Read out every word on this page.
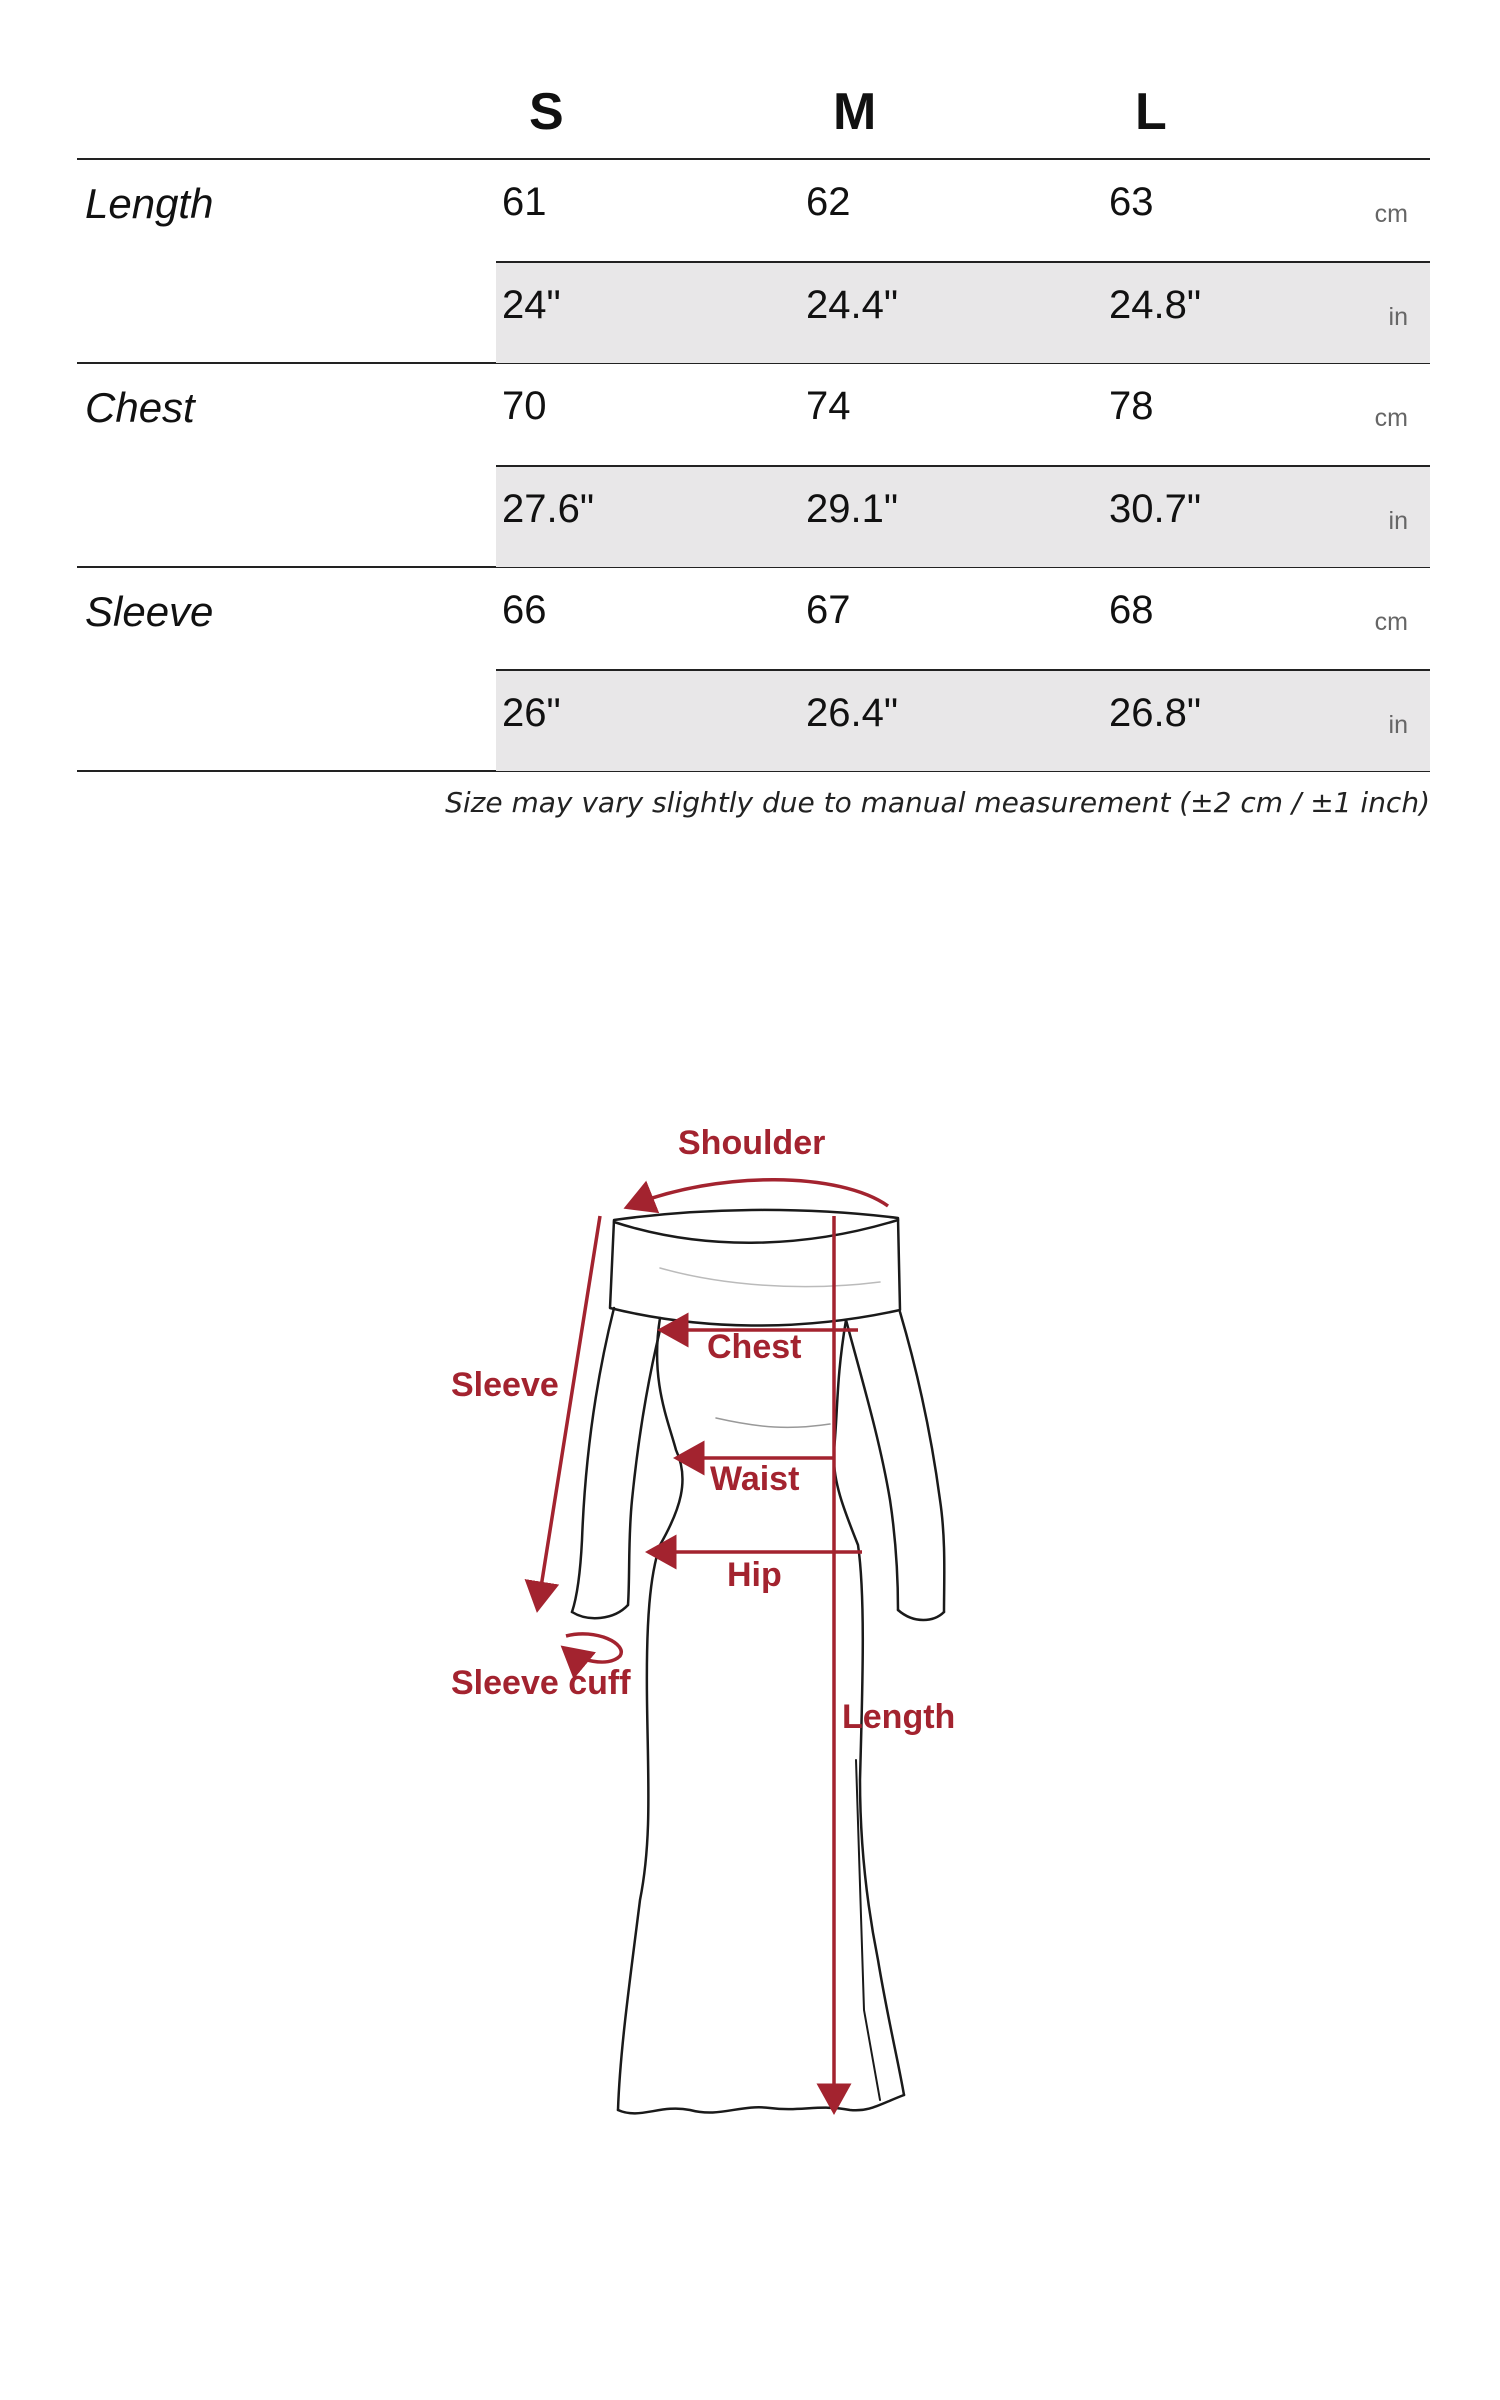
S	M	L
Length	61	62	63	cm
24"	24.4"	24.8"	in
Chest	70	74	78	cm
27.6"	29.1"	30.7"	in
Sleeve	66	67	68	cm
26"	26.4"	26.8"	in
Size may vary slightly due to manual measurement (±2 cm / ±1 inch)
Shoulder
Chest
Sleeve
Waist
Hip
Sleeve cuff
Length
